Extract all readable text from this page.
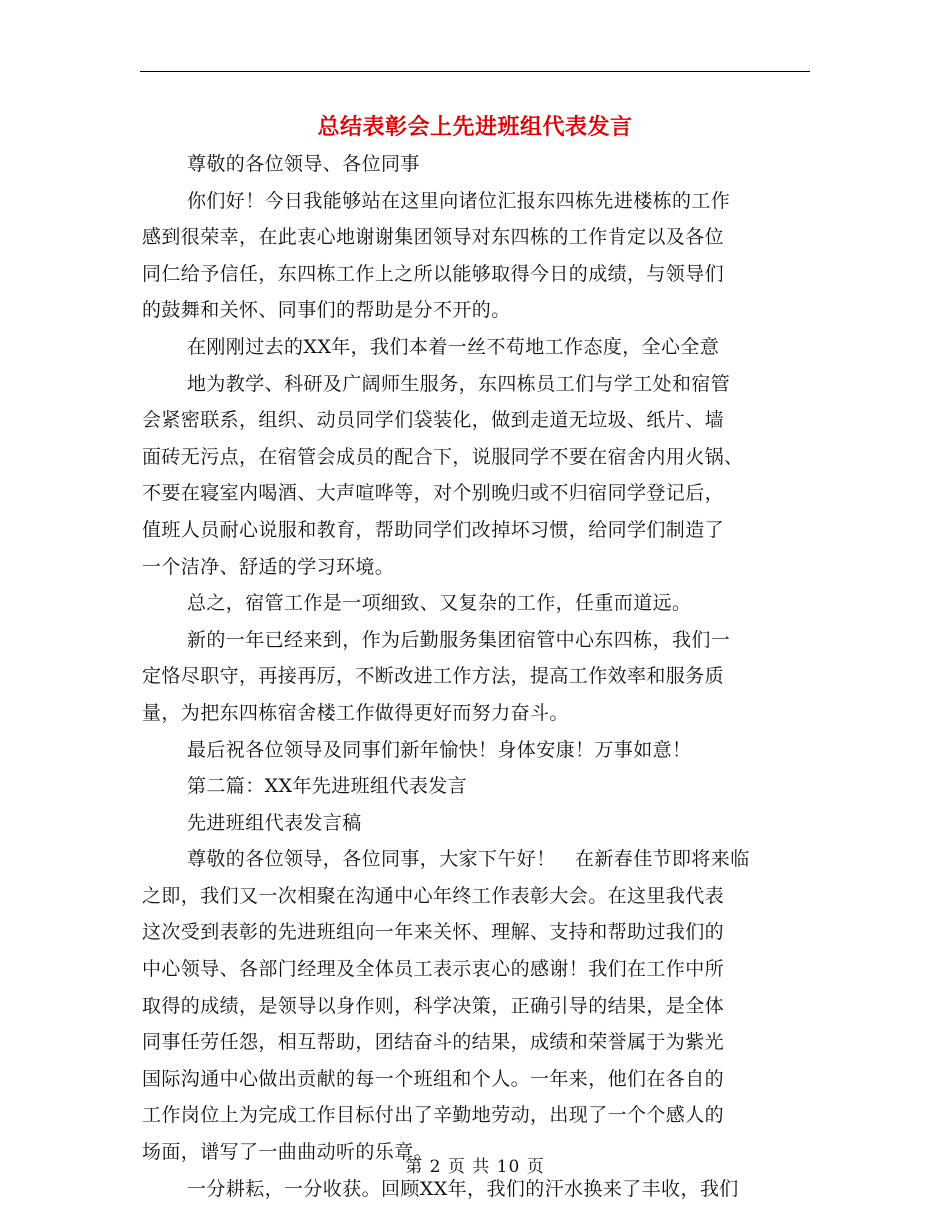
总结表彰会上先进班组代表发言
尊敬的各位领导、各位同事
你们好！今日我能够站在这里向诸位汇报东四栋先进楼栋的工作
感到很荣幸，在此衷心地谢谢集团领导对东四栋的工作肯定以及各位
同仁给予信任，东四栋工作上之所以能够取得今日的成绩，与领导们
的鼓舞和关怀、同事们的帮助是分不开的。
在刚刚过去的XX年，我们本着一丝不苟地工作态度，全心全意
地为教学、科研及广阔师生服务，东四栋员工们与学工处和宿管
会紧密联系，组织、动员同学们袋装化，做到走道无垃圾、纸片、墙
面砖无污点，在宿管会成员的配合下，说服同学不要在宿舍内用火锅、
不要在寝室内喝酒、大声喧哗等，对个别晚归或不归宿同学登记后，
值班人员耐心说服和教育，帮助同学们改掉坏习惯，给同学们制造了
一个洁净、舒适的学习环境。
总之，宿管工作是一项细致、又复杂的工作，任重而道远。
新的一年已经来到，作为后勤服务集团宿管中心东四栋，我们一
定恪尽职守，再接再厉，不断改进工作方法，提高工作效率和服务质
量，为把东四栋宿舍楼工作做得更好而努力奋斗。
最后祝各位领导及同事们新年愉快！身体安康！万事如意！
第二篇：XX年先进班组代表发言
先进班组代表发言稿
尊敬的各位领导，各位同事，大家下午好！　在新春佳节即将来临
之即，我们又一次相聚在沟通中心年终工作表彰大会。在这里我代表
这次受到表彰的先进班组向一年来关怀、理解、支持和帮助过我们的
中心领导、各部门经理及全体员工表示衷心的感谢！我们在工作中所
取得的成绩，是领导以身作则，科学决策，正确引导的结果，是全体
同事任劳任怨，相互帮助，团结奋斗的结果，成绩和荣誉属于为紫光
国际沟通中心做出贡献的每一个班组和个人。一年来，他们在各自的
工作岗位上为完成工作目标付出了辛勤地劳动，出现了一个个感人的
场面，谱写了一曲曲动听的乐章。
一分耕耘，一分收获。回顾XX年，我们的汗水换来了丰收，我们
第 2 页 共 10 页
